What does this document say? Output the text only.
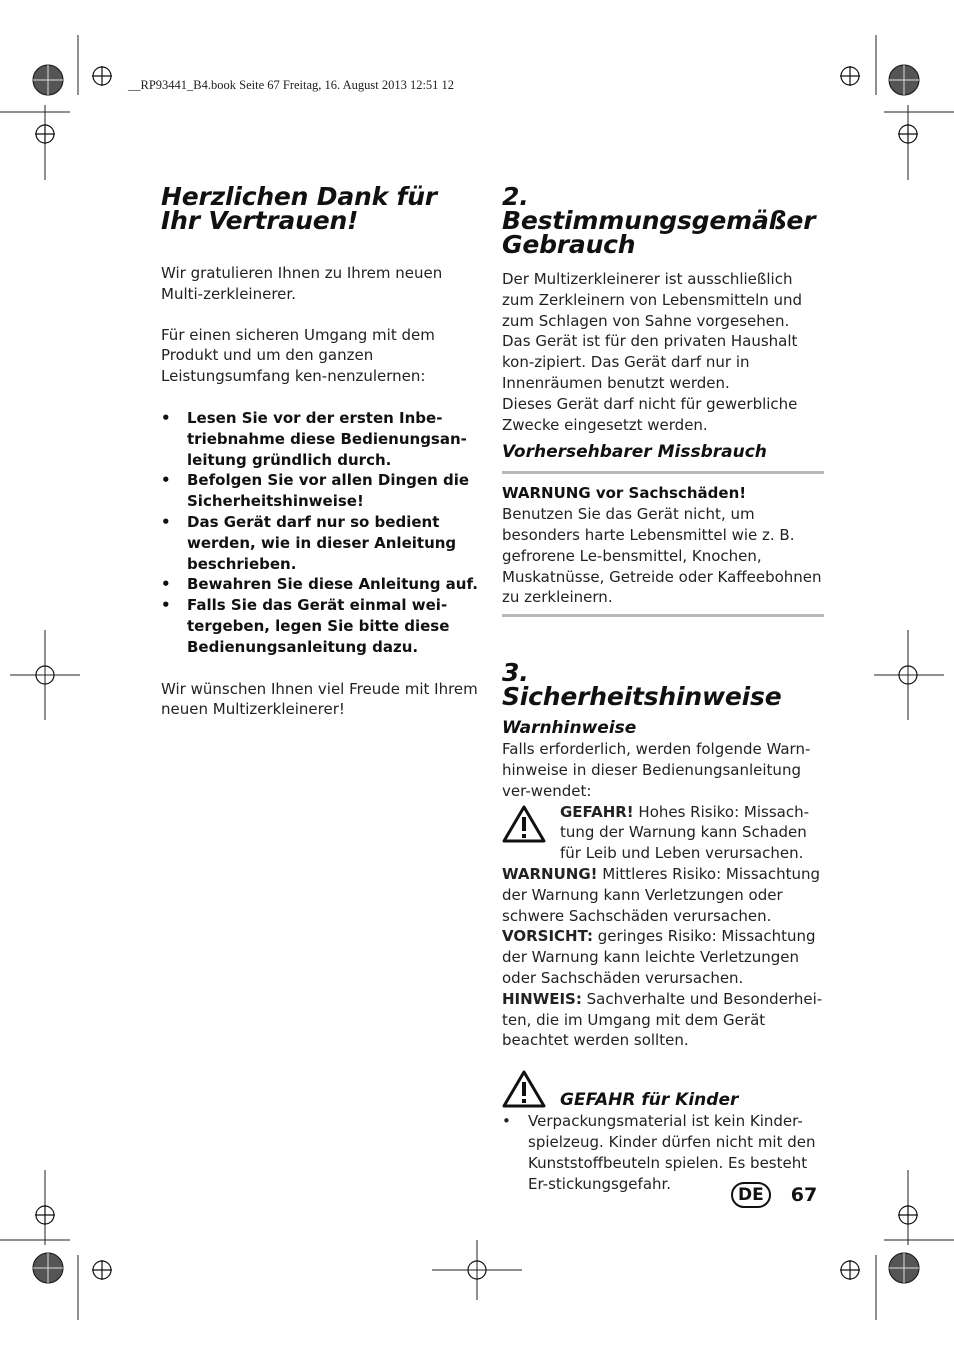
__RP93441_B4.book Seite 67 Freitag, 16. August 2013 12:51 12
Herzlichen Dank für Ihr Vertrauen!

Wir gratulieren Ihnen zu Ihrem neuen Multi-zerkleinerer.

Für einen sicheren Umgang mit dem Produkt und um den ganzen Leistungsumfang ken-nenzulernen:

• Lesen Sie vor der ersten Inbe-triebnahme diese Bedienungsan-leitung gründlich durch.
• Befolgen Sie vor allen Dingen die Sicherheitshinweise!
• Das Gerät darf nur so bedient werden, wie in dieser Anleitung beschrieben.
• Bewahren Sie diese Anleitung auf.
• Falls Sie das Gerät einmal wei-tergeben, legen Sie bitte diese Bedienungsanleitung dazu.

Wir wünschen Ihnen viel Freude mit Ihrem neuen Multizerkleinerer!

2. Bestimmungsgemäßer Gebrauch

Der Multizerkleinerer ist ausschließlich zum Zerkleinern von Lebensmitteln und zum Schlagen von Sahne vorgesehen.

Das Gerät ist für den privaten Haushalt kon-zipiert. Das Gerät darf nur in Innenräumen benutzt werden.

Dieses Gerät darf nicht für gewerbliche Zwecke eingesetzt werden.

Vorhersehbarer Missbrauch
WARNUNG vor Sachschäden!

Benutzen Sie das Gerät nicht, um besonders harte Lebensmittel wie z. B. gefrorene Le-bensmittel, Knochen, Muskatnüsse, Getreide oder Kaffeebohnen zu zerkleinern.

3. Sicherheitshinweise
Warnhinweise

Falls erforderlich, werden folgende Warn-hinweise in dieser Bedienungsanleitung ver-wendet:

GEFAHR! Hohes Risiko: Missach-tung der Warnung kann Schaden für Leib und Leben verursachen.

WARNUNG! Mittleres Risiko: Missachtung der Warnung kann Verletzungen oder schwere Sachschäden verursachen.

VORSICHT: geringes Risiko: Missachtung der Warnung kann leichte Verletzungen oder Sachschäden verursachen.

HINWEIS: Sachverhalte und Besonderhei-ten, die im Umgang mit dem Gerät beachtet werden sollten.

GEFAHR für Kinder
• Verpackungsmaterial ist kein Kinder-spielzeug. Kinder dürfen nicht mit den Kunststoffbeuteln spielen. Es besteht Er-stickungsgefahr.
DE	67
